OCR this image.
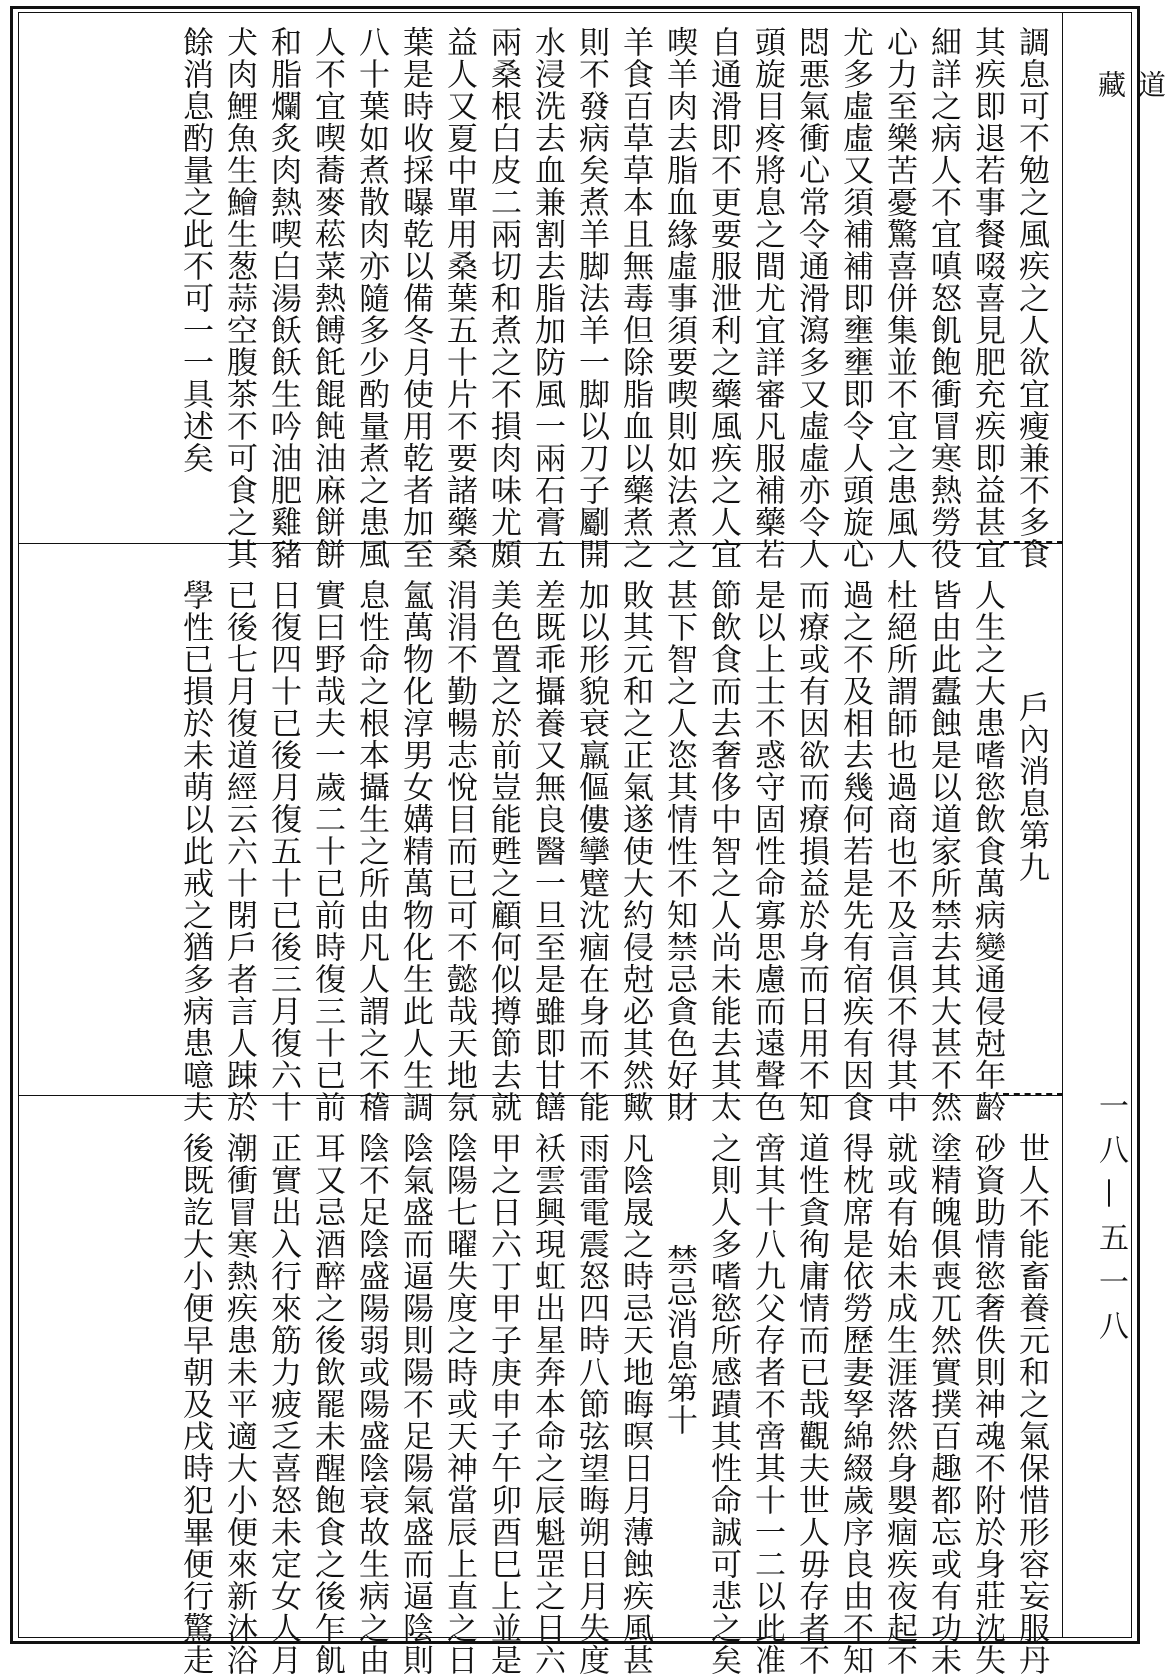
調息可不勉之風疾之人欲宜瘦兼不多食
其疾即退若事餐啜喜見肥充疾即益甚宜
細詳之病人不宜嗔怒飢飽衝冒寒熱勞役
心力至樂苦憂驚喜併集並不宜之患風人
尤多虛虛又須補補即壅壅即令人頭旋心
悶悪氣衝心常令通滑瀉多又虛虛亦令人
頭旋目疼將息之間尤宜詳審凡服補藥若
自通滑即不更要服泄利之藥風疾之人宜
喫羊肉去脂血緣虛事須要喫則如法煮之
羊食百草草本且無毒但除脂血以藥煮之
則不發病矣煮羊脚法羊一脚以刀子劚開
水浸洗去血兼割去脂加防風一兩石膏五
兩桑根白皮二兩切和煮之不損肉味尤頗
益人又夏中單用桑葉五十片不要諸藥桑
葉是時收採曝乾以備冬月使用乾者加至
八十葉如煮散肉亦隨多少酌量煮之患風
人不宜喫蕎麥菘菜熱餺飥餛飩油麻餅餅
和脂爛炙肉熱喫白湯飫飫生吟油肥雞豬
犬肉鯉魚生鱠生葱蒜空腹茶不可食之其
餘消息酌量之此不可一一具述矣
戶內消息第九
人生之大患嗜慾飲食萬病變通侵尅年齡
皆由此蠹蝕是以道家所禁去其大甚不然
杜絕所謂師也過商也不及言俱不得其中
過之不及相去幾何若是先有宿疾有因食
而療或有因欲而療損益於身而日用不知
是以上士不惑守固性命寡思慮而遠聲色
節飲食而去奢侈中智之人尚未能去其太
甚下智之人恣其情性不知禁忌貪色好財
敗其元和之正氣遂使大約侵尅必其然歟
加以形貌衰羸傴僂攣躄沈痼在身而不能
差既乖攝養又無良醫一旦至是雖即甘饍
美色置之於前豈能甦之顧何似撙節去就
涓涓不勤暢志悅目而已可不懿哉天地氛
氳萬物化淳男女媾精萬物化生此人生調
息性命之根本攝生之所由凡人謂之不稽
實曰野哉夫一歲二十已前時復三十已前
日復四十已後月復五十已後三月復六十
已後七月復道經云六十閉戶者言人踈於
學性已損於未萌以此戒之猶多病患噫夫
世人不能畜養元和之氣保惜形容妄服丹
砂資助情慾奢佚則神魂不附於身莊沈失
塗精魄俱喪兀然實撲百趣都忘或有功未
就或有始未成生涯落然身嬰痼疾夜起不
得枕席是依勞歷妻孥綿綴歲序良由不知
道性貪徇庸情而已哉觀夫世人毋存者不
啻其十八九父存者不啻其十一二以此准
之則人多嗜慾所感蹟其性命誠可悲之矣
禁忌消息第十
凡陰晟之時忌天地晦暝日月薄蝕疾風甚
雨雷電震怒四時八節弦望晦朔日月失度
袄雲興現虹出星奔本命之辰魁罡之日六
甲之日六丁甲子庚申子午卯酉巳上並是
陰陽七曜失度之時或天神當辰上直之日
陰氣盛而逼陽則陽不足陽氣盛而逼陰則
陰不足陰盛陽弱或陽盛陰衰故生病之由
耳又忌酒醉之後飲罷未醒飽食之後乍飢
正實出入行來筋力疲乏喜怒未定女人月
潮衝冒寒熱疾患未平適大小便來新沐浴
後既訖大小便早朝及戌時犯畢便行驚走
道
藏
一八—五一八
